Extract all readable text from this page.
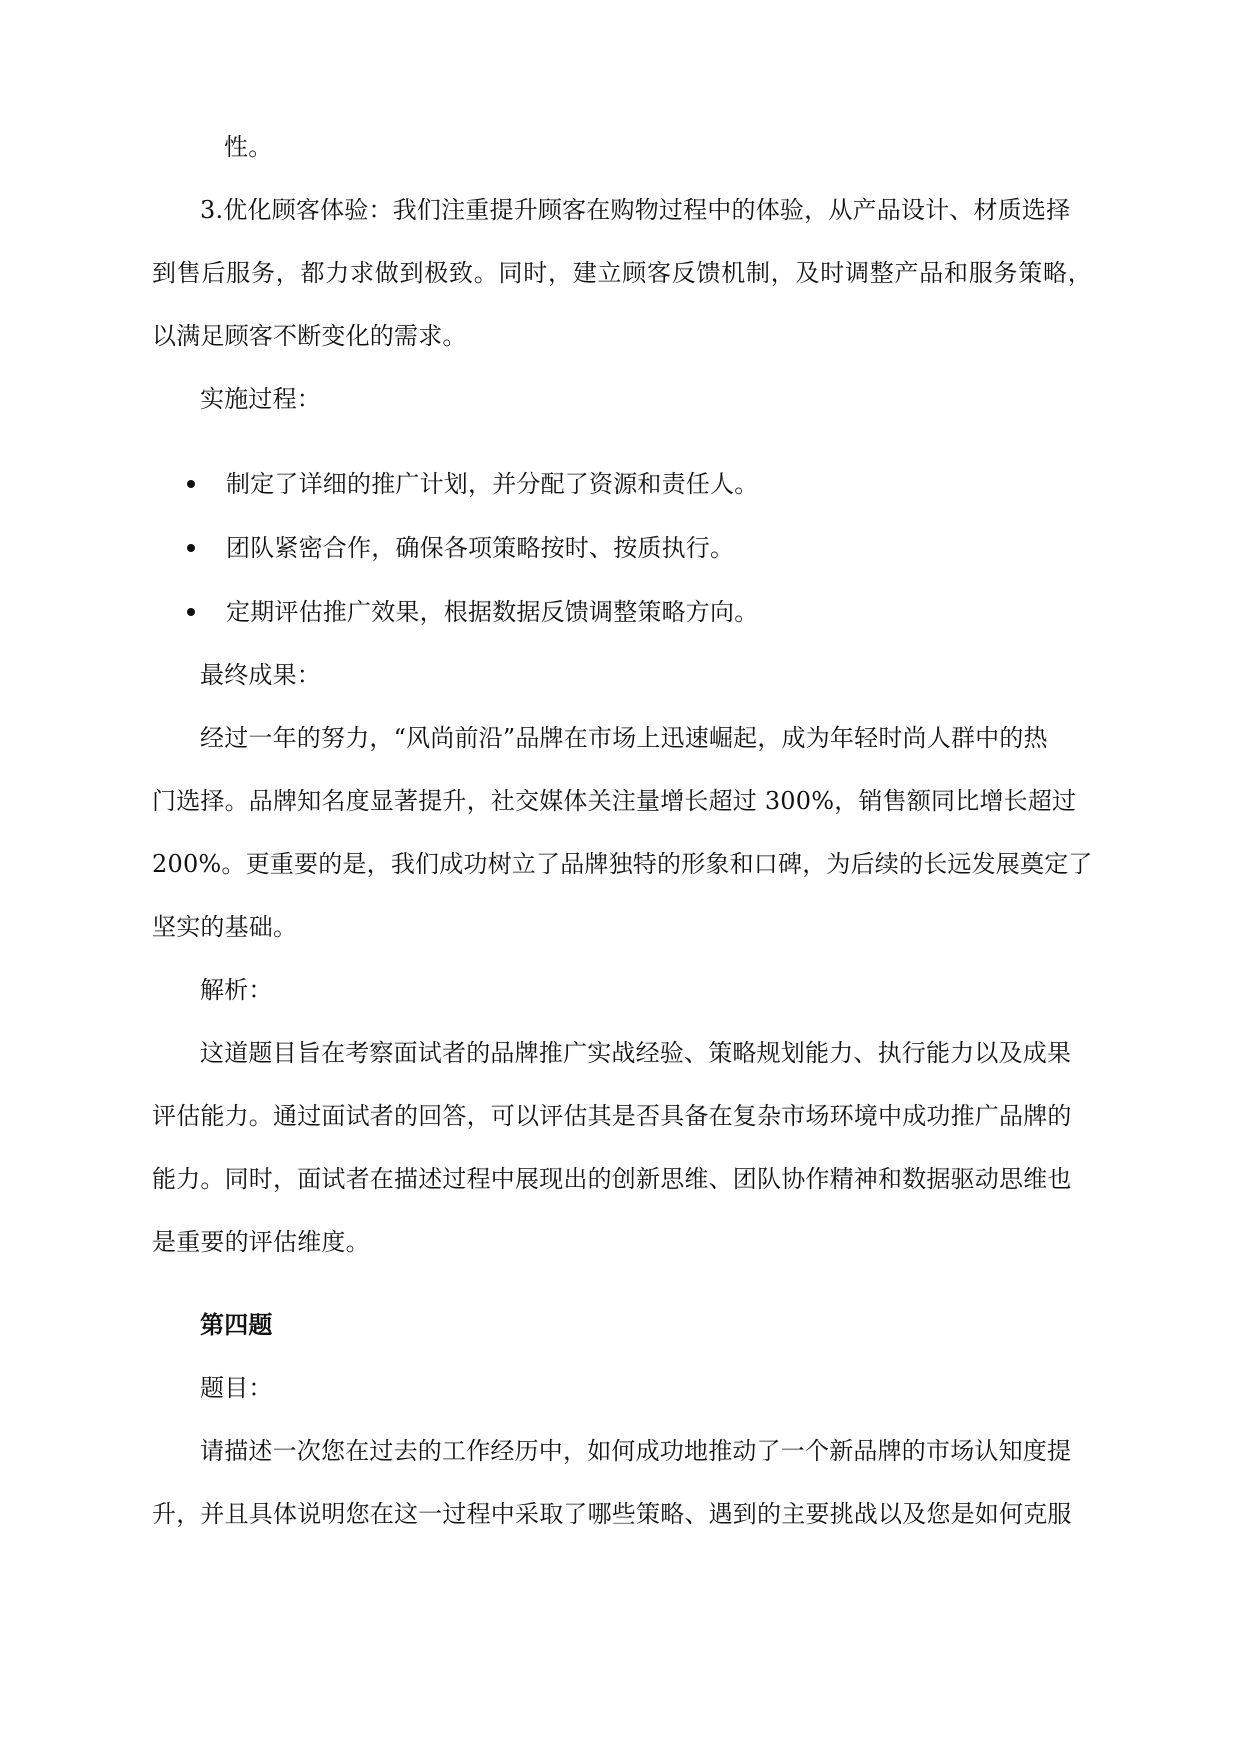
性。
3.优化顾客体验：我们注重提升顾客在购物过程中的体验，从产品设计、材质选择
到售后服务，都力求做到极致。同时，建立顾客反馈机制，及时调整产品和服务策略，
以满足顾客不断变化的需求。
实施过程：
制定了详细的推广计划，并分配了资源和责任人。
团队紧密合作，确保各项策略按时、按质执行。
定期评估推广效果，根据数据反馈调整策略方向。
最终成果：
经过一年的努力，“风尚前沿”品牌在市场上迅速崛起，成为年轻时尚人群中的热
门选择。品牌知名度显著提升，社交媒体关注量增长超过 300%，销售额同比增长超过
200%。更重要的是，我们成功树立了品牌独特的形象和口碑，为后续的长远发展奠定了
坚实的基础。
解析：
这道题目旨在考察面试者的品牌推广实战经验、策略规划能力、执行能力以及成果
评估能力。通过面试者的回答，可以评估其是否具备在复杂市场环境中成功推广品牌的
能力。同时，面试者在描述过程中展现出的创新思维、团队协作精神和数据驱动思维也
是重要的评估维度。
第四题
题目：
请描述一次您在过去的工作经历中，如何成功地推动了一个新品牌的市场认知度提
升，并且具体说明您在这一过程中采取了哪些策略、遇到的主要挑战以及您是如何克服
